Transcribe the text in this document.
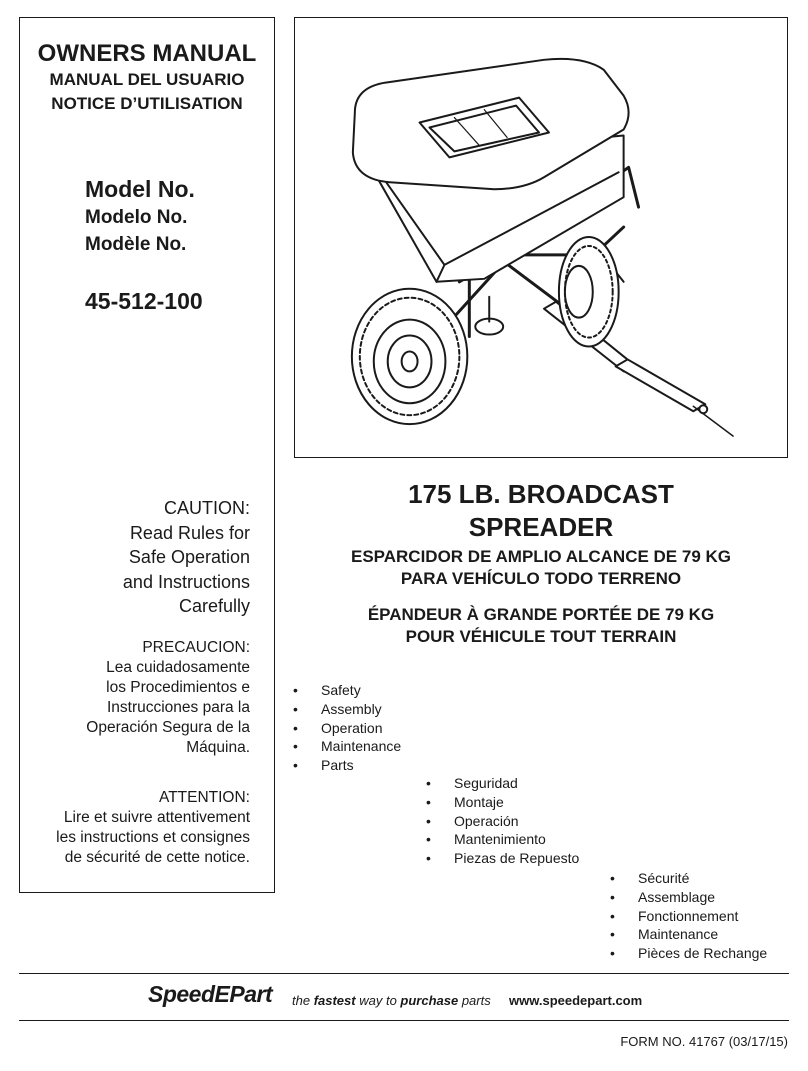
OWNERS MANUAL
MANUAL DEL USUARIO
NOTICE D’UTILISATION
Model No.
Modelo No.
Modèle No.
45-512-100
CAUTION:
Read Rules for
Safe Operation
and Instructions
Carefully
PRECAUCION:
Lea cuidadosamente
los Procedimientos e
Instrucciones para la
Operación Segura de la
Máquina.
ATTENTION:
Lire et suivre attentivement
les instructions et consignes
de sécurité de cette notice.
175 LB. BROADCAST
SPREADER
ESPARCIDOR DE AMPLIO ALCANCE DE 79 KG
PARA VEHÍCULO TODO TERRENO
ÉPANDEUR À GRANDE PORTÉE DE 79 KG
POUR VÉHICULE TOUT TERRAIN
• Safety
• Assembly
• Operation
• Maintenance
• Parts
• Seguridad
• Montaje
• Operación
• Mantenimiento
• Piezas de Repuesto
• Sécurité
• Assemblage
• Fonctionnement
• Maintenance
• Pièces de Rechange
SpeedEPart the fastest way to purchase parts www.speedepart.com
FORM NO. 41767 (03/17/15)
